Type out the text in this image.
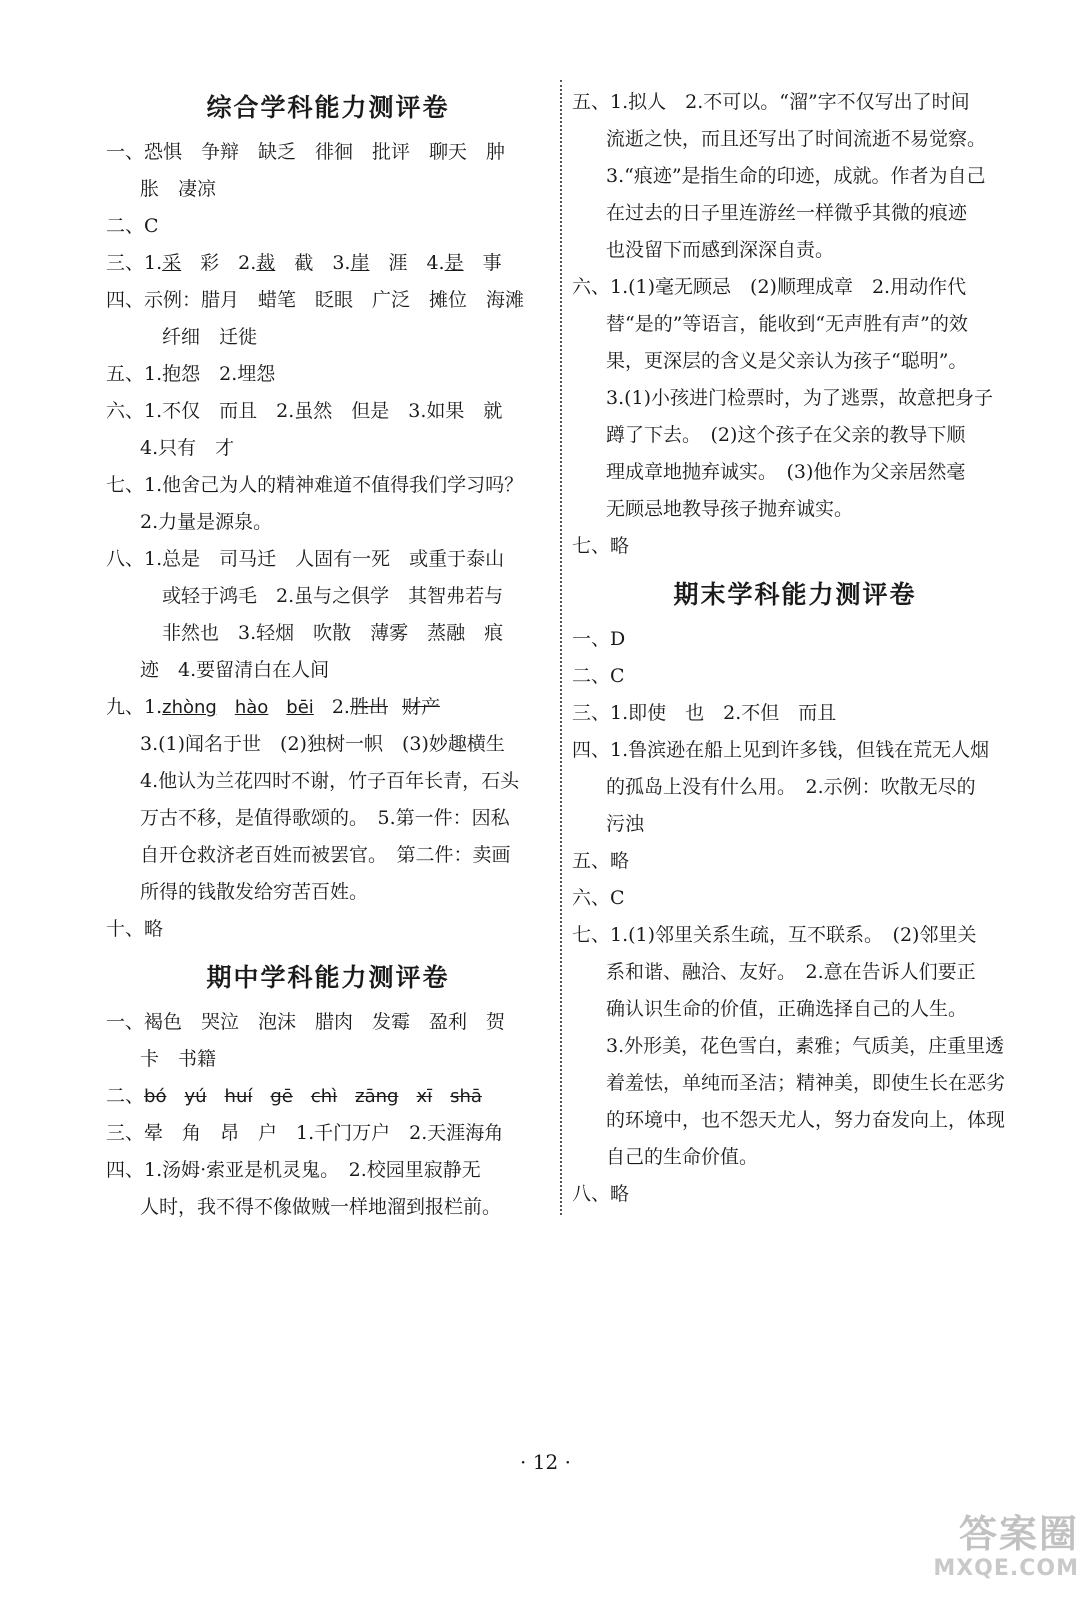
综合学科能力测评卷

一、恐惧　争辩　缺乏　徘徊　批评　聊天　肿

胀　凄凉

二、C

三、1.采　彩　2.裁　截　3.崖　涯　4.是　事

四、示例：腊月　蜡笔　眨眼　广泛　摊位　海滩

纤细　迁徙

五、1.抱怨　2.埋怨

六、1.不仅　而且　2.虽然　但是　3.如果　就

4.只有　才

七、1.他舍己为人的精神难道不值得我们学习吗？

2.力量是源泉。

八、1.总是　司马迁　人固有一死　或重于泰山

或轻于鸿毛　2.虽与之俱学　其智弗若与

非然也　3.轻烟　吹散　薄雾　蒸融　痕

迹　4.要留清白在人间

九、1.zhòng hào bēi 2.胜出 财产

3.(1)闻名于世　(2)独树一帜　(3)妙趣横生

4.他认为兰花四时不谢，竹子百年长青，石头

万古不移，是值得歌颂的。　5.第一件：因私

自开仓救济老百姓而被罢官。　第二件：卖画

所得的钱散发给穷苦百姓。

十、略

期中学科能力测评卷

一、褐色　哭泣　泡沫　腊肉　发霉　盈利　贺

卡　书籍

二、bó yú huí gē chì zāng xī shā

三、晕　角　昂　户　1.千门万户　2.天涯海角

四、1.汤姆·索亚是机灵鬼。　2.校园里寂静无

人时，我不得不像做贼一样地溜到报栏前。

五、1.拟人　2.不可以。“溜”字不仅写出了时间

流逝之快，而且还写出了时间流逝不易觉察。

3.“痕迹”是指生命的印迹，成就。作者为自己

在过去的日子里连游丝一样微乎其微的痕迹

也没留下而感到深深自责。

六、1.(1)毫无顾忌　(2)顺理成章　2.用动作代

替“是的”等语言，能收到“无声胜有声”的效

果，更深层的含义是父亲认为孩子“聪明”。

3.(1)小孩进门检票时，为了逃票，故意把身子

蹲了下去。　(2)这个孩子在父亲的教导下顺

理成章地抛弃诚实。　(3)他作为父亲居然毫

无顾忌地教导孩子抛弃诚实。

七、略

期末学科能力测评卷

一、D

二、C

三、1.即使　也　2.不但　而且

四、1.鲁滨逊在船上见到许多钱，但钱在荒无人烟

的孤岛上没有什么用。　2.示例：吹散无尽的

污浊

五、略

六、C

七、1.(1)邻里关系生疏，互不联系。　(2)邻里关

系和谐、融洽、友好。　2.意在告诉人们要正

确认识生命的价值，正确选择自己的人生。

3.外形美，花色雪白，素雅；气质美，庄重里透

着羞怯，单纯而圣洁；精神美，即使生长在恶劣

的环境中，也不怨天尤人，努力奋发向上，体现

自己的生命价值。

八、略

· 12 ·
答案圈
MXQE.COM
